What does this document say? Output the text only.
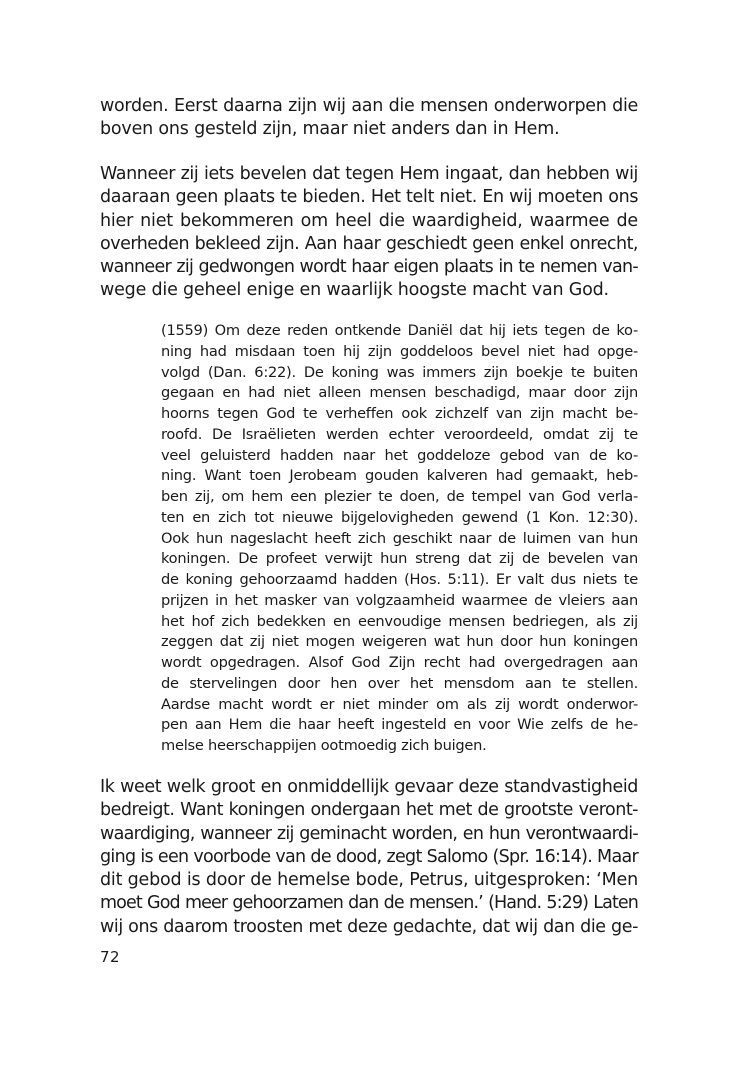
worden. Eerst daarna zijn wij aan die mensen onderworpen die
boven ons gesteld zijn, maar niet anders dan in Hem.

Wanneer zij iets bevelen dat tegen Hem ingaat, dan hebben wij
daaraan geen plaats te bieden. Het telt niet. En wij moeten ons
hier niet bekommeren om heel die waardigheid, waarmee de
overheden bekleed zijn. Aan haar geschiedt geen enkel onrecht,
wanneer zij gedwongen wordt haar eigen plaats in te nemen van-
wege die geheel enige en waarlijk hoogste macht van God.

(1559) Om deze reden ontkende Daniël dat hij iets tegen de ko-
ning had misdaan toen hij zijn goddeloos bevel niet had opge-
volgd (Dan. 6:22). De koning was immers zijn boekje te buiten
gegaan en had niet alleen mensen beschadigd, maar door zijn
hoorns tegen God te verheffen ook zichzelf van zijn macht be-
roofd. De Israëlieten werden echter veroordeeld, omdat zij te
veel geluisterd hadden naar het goddeloze gebod van de ko-
ning. Want toen Jerobeam gouden kalveren had gemaakt, heb-
ben zij, om hem een plezier te doen, de tempel van God verla-
ten en zich tot nieuwe bijgelovigheden gewend (1 Kon. 12:30).
Ook hun nageslacht heeft zich geschikt naar de luimen van hun
koningen. De profeet verwijt hun streng dat zij de bevelen van
de koning gehoorzaamd hadden (Hos. 5:11). Er valt dus niets te
prijzen in het masker van volgzaamheid waarmee de vleiers aan
het hof zich bedekken en eenvoudige mensen bedriegen, als zij
zeggen dat zij niet mogen weigeren wat hun door hun koningen
wordt opgedragen. Alsof God Zijn recht had overgedragen aan
de stervelingen door hen over het mensdom aan te stellen.
Aardse macht wordt er niet minder om als zij wordt onderwor-
pen aan Hem die haar heeft ingesteld en voor Wie zelfs de he-
melse heerschappijen ootmoedig zich buigen.

Ik weet welk groot en onmiddellijk gevaar deze standvastigheid
bedreigt. Want koningen ondergaan het met de grootste veront-
waardiging, wanneer zij geminacht worden, en hun verontwaardi-
ging is een voorbode van de dood, zegt Salomo (Spr. 16:14). Maar
dit gebod is door de hemelse bode, Petrus, uitgesproken: ‘Men
moet God meer gehoorzamen dan de mensen.’ (Hand. 5:29) Laten
wij ons daarom troosten met deze gedachte, dat wij dan die ge-

72
